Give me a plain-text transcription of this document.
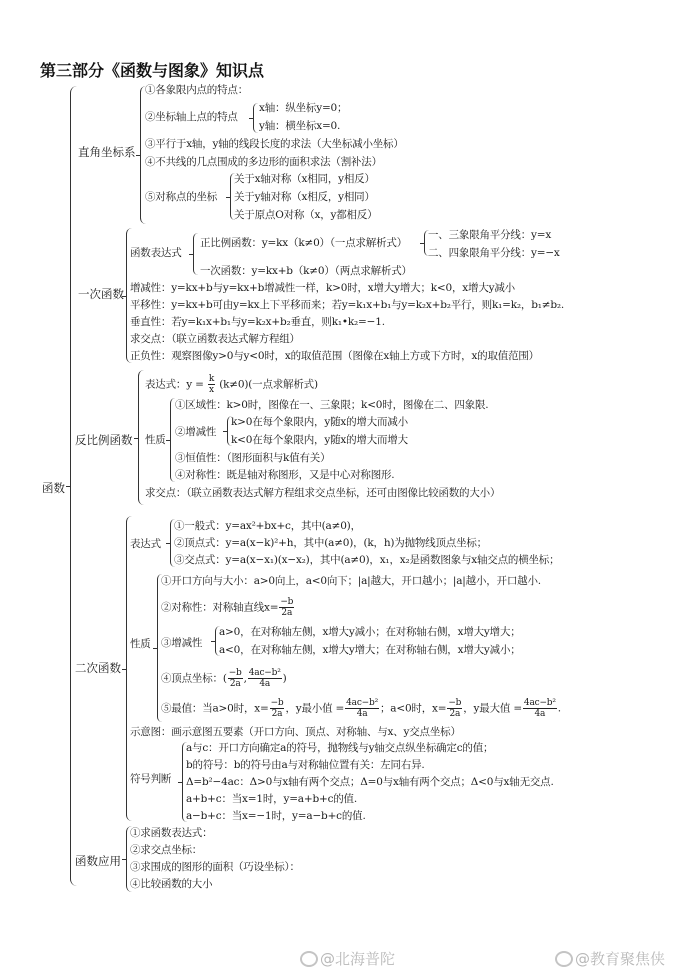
第三部分《函数与图象》知识点
函数
直角坐标系
①各象限内点的特点：
②坐标轴上点的特点
x轴：纵坐标y=0；
y轴：横坐标x=0.
③平行于x轴，y轴的线段长度的求法（大坐标减小坐标）
④不共线的几点围成的多边形的面积求法（割补法）
⑤对称点的坐标
关于x轴对称（x相同，y相反）
关于y轴对称（x相反，y相同）
关于原点O对称（x，y都相反）
一次函数
函数表达式
正比例函数：y=kx（k≠0）（一点求解析式）
一、三象限角平分线：y=x
二、四象限角平分线：y=−x
一次函数：y=kx+b（k≠0）（两点求解析式）
增减性：y=kx+b与y=kx+b增减性一样，k>0时，x增大y增大；k<0，x增大y减小
平移性：y=kx+b可由y=kx上下平移而来；若y=k₁x+b₁与y=k₂x+b₂平行，则k₁=k₂，b₁≠b₂.
垂直性：若y=k₁x+b₁与y=k₂x+b₂垂直，则k₁•k₂=−1.
求交点：（联立函数表达式解方程组）
正负性：观察图像y>0与y<0时，x的取值范围（图像在x轴上方或下方时，x的取值范围）
反比例函数
表达式：$y = \frac{k}{x} (k\ne 0)$(一点求解析式)
性质
①区域性：k>0时，图像在一、三象限；k<0时，图像在二、四象限.
②增减性
k>0在每个象限内，y随x的增大而减小
k<0在每个象限内，y随x的增大而增大
③恒值性：（图形面积与k值有关）
④对称性：既是轴对称图形，又是中心对称图形.
求交点：（联立函数表达式解方程组求交点坐标，还可由图像比较函数的大小）
二次函数
表达式
①一般式：y=ax²+bx+c，其中(a≠0)，
②顶点式：y=a(x−k)²+h，其中(a≠0)，(k，h)为抛物线顶点坐标；
③交点式：y=a(x−x₁)(x−x₂)，其中(a≠0)，x₁，x₂是函数图象与x轴交点的横坐标；
性质
①开口方向与大小：a>0向上，a<0向下；|a|越大，开口越小；|a|越小，开口越小.
②对称性：对称轴直线$x= \frac{-b}{2a}$
③增减性
a>0，在对称轴左侧，x增大y减小；在对称轴右侧，x增大y增大；
a<0，在对称轴左侧，x增大y增大；在对称轴右侧，x增大y减小；
④顶点坐标：( $\frac{-b}{2a}$ , $\frac{\text{4ac−b²}}{4a}$ )
⑤最值：当a>0时，$x= \frac{-b}{2a}$ ，y最小值 = $\frac{\text{4ac−b²}}{4a}$ ；a<0时，$x= \frac{-b}{2a}$ ，y最大值 = $\frac{\text{4ac−b²}}{4a}$ .
示意图：画示意图五要素（开口方向、顶点、对称轴、与x、y交点坐标）
符号判断
a与c：开口方向确定a的符号，抛物线与y轴交点纵坐标确定c的值；
b的符号：b的符号由a与对称轴位置有关：左同右异.
Δ=b²−4ac：Δ>0与x轴有两个交点；Δ=0与x轴有两个交点；Δ<0与x轴无交点.
a+b+c：当x=1时，y=a+b+c的值.
a−b+c：当x=−1时，y=a−b+c的值.
函数应用
①求函数表达式：
②求交点坐标：
③求围成的图形的面积（巧设坐标）：
④比较函数的大小
@北海普陀	@教育聚焦侠
